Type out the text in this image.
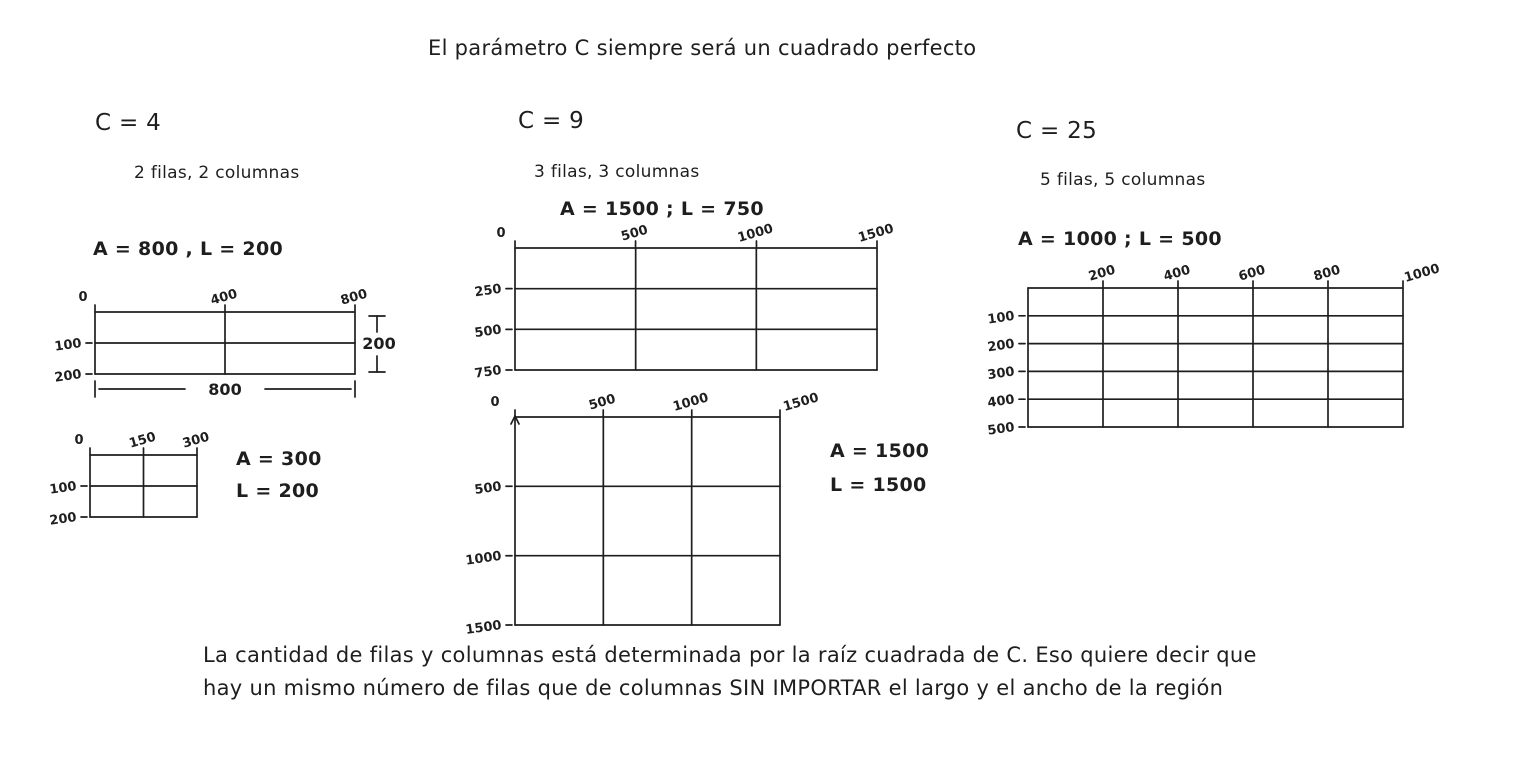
El parámetro C siempre será un cuadrado perfecto
C = 4
2 filas, 2 columnas
A = 800 , L = 200
A = 300
L = 200
C = 9
3 filas, 3 columnas
A = 1500 ; L = 750
A = 1500
L = 1500
C = 25
5 filas, 5 columnas
A = 1000 ; L = 500
0	400	800
100
200
200
800
0	150 300
100
200
0	500	1000	1500
250
500
750
0	500	1000	1500
500
1000
1500
200	400	600	800	1000
100
200
300
400
500
La cantidad de filas y columnas está determinada por la raíz cuadrada de C. Eso quiere decir que
hay un mismo número de filas que de columnas SIN IMPORTAR el largo y el ancho de la región
